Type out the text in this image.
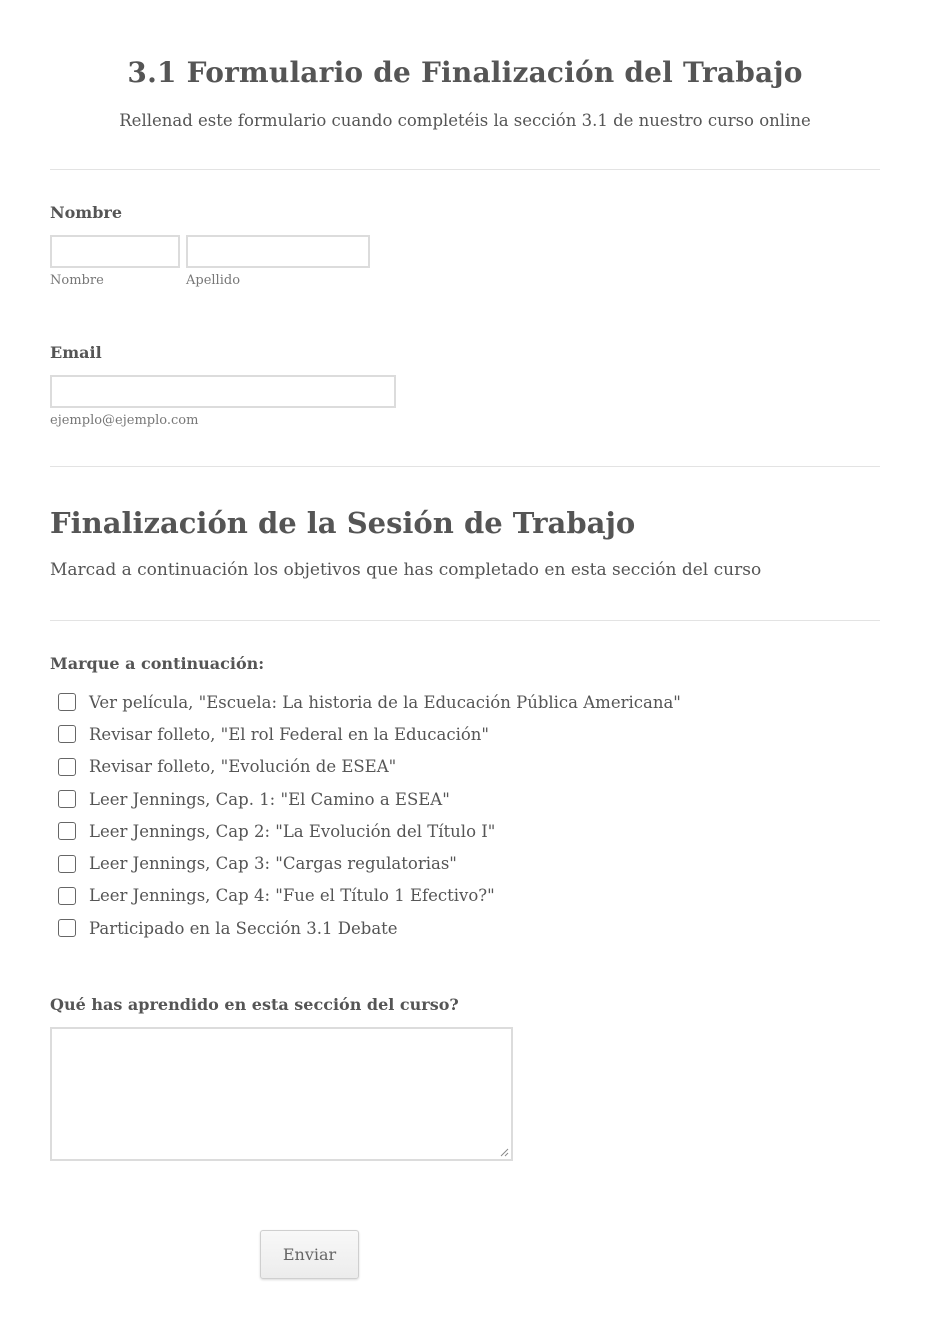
3.1 Formulario de Finalización del Trabajo

Rellenad este formulario cuando completéis la sección 3.1 de nuestro curso online

Nombre
Nombre	Apellido
Email
ejemplo@ejemplo.com
Finalización de la Sesión de Trabajo
Marcad a continuación los objetivos que has completado en esta sección del curso
Marque a continuación:
Ver película, "Escuela: La historia de la Educación Pública Americana"
Revisar folleto, "El rol Federal en la Educación"
Revisar folleto, "Evolución de ESEA"
Leer Jennings, Cap. 1: "El Camino a ESEA"
Leer Jennings, Cap 2: "La Evolución del Título I"
Leer Jennings, Cap 3: "Cargas regulatorias"
Leer Jennings, Cap 4: "Fue el Título 1 Efectivo?"
Participado en la Sección 3.1 Debate
Qué has aprendido en esta sección del curso?
Enviar
